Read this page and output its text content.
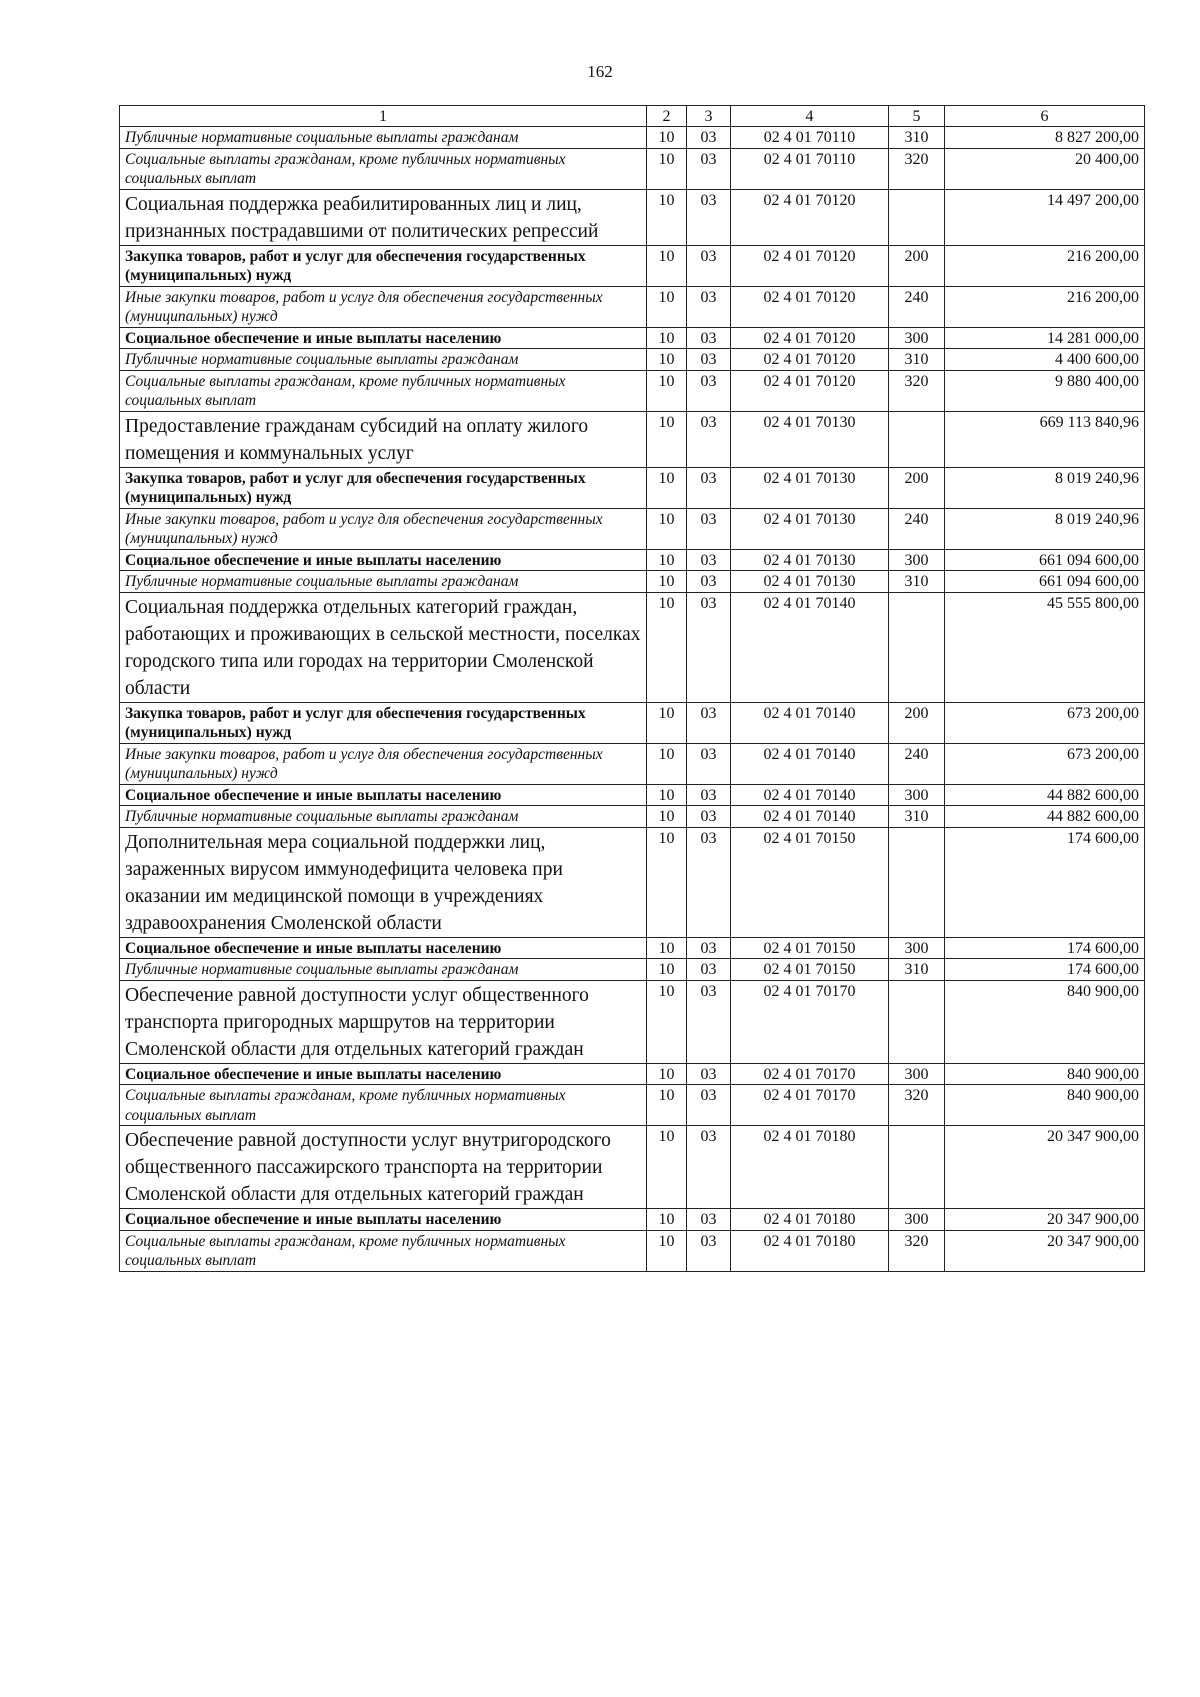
162
1	2	3	4	5	6
Публичные нормативные социальные выплаты гражданам	10	03	02 4 01 70110	310	8 827 200,00
Социальные выплаты гражданам, кроме публичных нормативных социальных выплат	10	03	02 4 01 70110	320	20 400,00
Социальная поддержка реабилитированных лиц и лиц, признанных пострадавшими от политических репрессий	10	03	02 4 01 70120		14 497 200,00
Закупка товаров, работ и услуг для обеспечения государственных (муниципальных) нужд	10	03	02 4 01 70120	200	216 200,00
Иные закупки товаров, работ и услуг для обеспечения государственных (муниципальных) нужд	10	03	02 4 01 70120	240	216 200,00
Социальное обеспечение и иные выплаты населению	10	03	02 4 01 70120	300	14 281 000,00
Публичные нормативные социальные выплаты гражданам	10	03	02 4 01 70120	310	4 400 600,00
Социальные выплаты гражданам, кроме публичных нормативных социальных выплат	10	03	02 4 01 70120	320	9 880 400,00
Предоставление гражданам субсидий на оплату жилого помещения и коммунальных услуг	10	03	02 4 01 70130		669 113 840,96
Закупка товаров, работ и услуг для обеспечения государственных (муниципальных) нужд	10	03	02 4 01 70130	200	8 019 240,96
Иные закупки товаров, работ и услуг для обеспечения государственных (муниципальных) нужд	10	03	02 4 01 70130	240	8 019 240,96
Социальное обеспечение и иные выплаты населению	10	03	02 4 01 70130	300	661 094 600,00
Публичные нормативные социальные выплаты гражданам	10	03	02 4 01 70130	310	661 094 600,00
Социальная поддержка отдельных категорий граждан, работающих и проживающих в сельской местности, поселках городского типа или городах на территории Смоленской области	10	03	02 4 01 70140		45 555 800,00
Закупка товаров, работ и услуг для обеспечения государственных (муниципальных) нужд	10	03	02 4 01 70140	200	673 200,00
Иные закупки товаров, работ и услуг для обеспечения государственных (муниципальных) нужд	10	03	02 4 01 70140	240	673 200,00
Социальное обеспечение и иные выплаты населению	10	03	02 4 01 70140	300	44 882 600,00
Публичные нормативные социальные выплаты гражданам	10	03	02 4 01 70140	310	44 882 600,00
Дополнительная мера социальной поддержки лиц, зараженных вирусом иммунодефицита человека при оказании им медицинской помощи в учреждениях здравоохранения Смоленской области	10	03	02 4 01 70150		174 600,00
Социальное обеспечение и иные выплаты населению	10	03	02 4 01 70150	300	174 600,00
Публичные нормативные социальные выплаты гражданам	10	03	02 4 01 70150	310	174 600,00
Обеспечение равной доступности услуг общественного транспорта пригородных маршрутов на территории Смоленской области для отдельных категорий граждан	10	03	02 4 01 70170		840 900,00
Социальное обеспечение и иные выплаты населению	10	03	02 4 01 70170	300	840 900,00
Социальные выплаты гражданам, кроме публичных нормативных социальных выплат	10	03	02 4 01 70170	320	840 900,00
Обеспечение равной доступности услуг внутригородского общественного пассажирского транспорта на территории Смоленской области для отдельных категорий граждан	10	03	02 4 01 70180		20 347 900,00
Социальное обеспечение и иные выплаты населению	10	03	02 4 01 70180	300	20 347 900,00
Социальные выплаты гражданам, кроме публичных нормативных социальных выплат	10	03	02 4 01 70180	320	20 347 900,00
